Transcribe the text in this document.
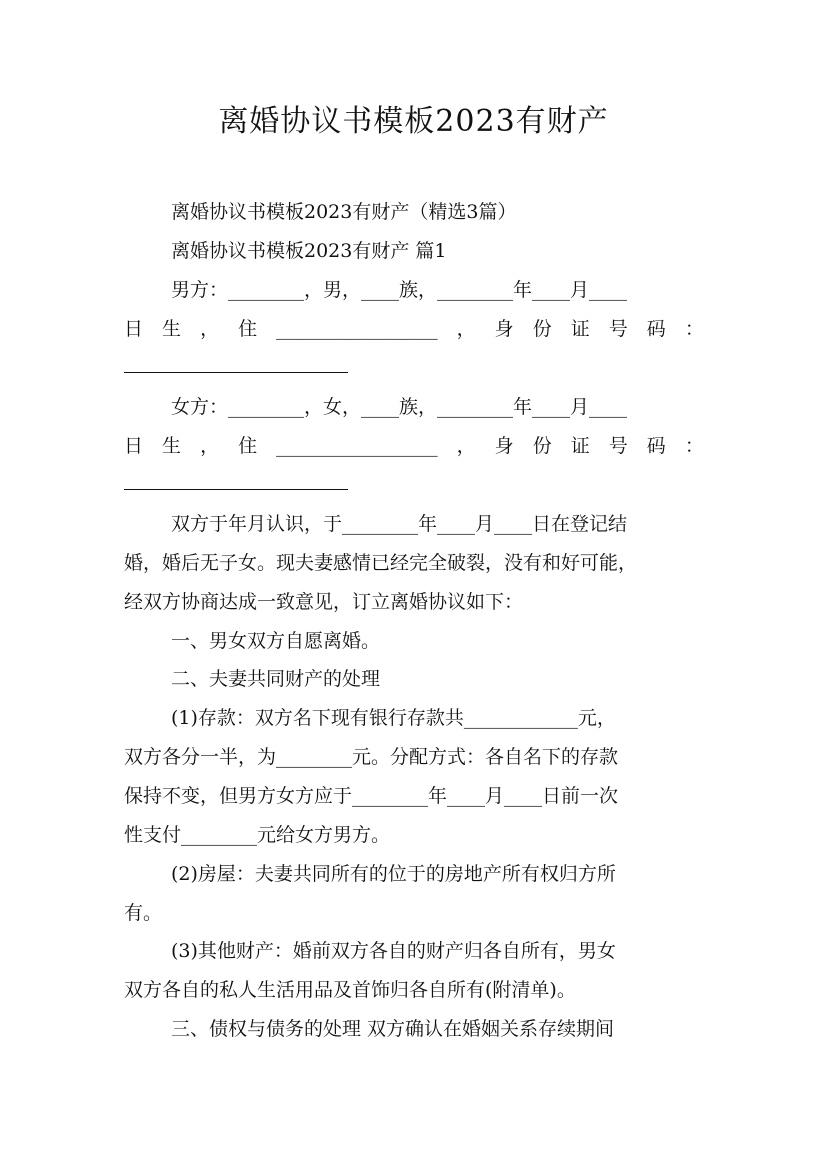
离婚协议书模板2023有财产
离婚协议书模板2023有财产（精选3篇）
离婚协议书模板2023有财产 篇1
男方：________，男，____族，________年____月____
日 生 ， 住 _________________ ， 身 份 证 号 码 ：
女方：________，女，____族，________年____月____
日 生 ， 住 _________________ ， 身 份 证 号 码 ：
双方于年月认识，于________年____月____日在登记结
婚，婚后无子女。现夫妻感情已经完全破裂，没有和好可能，
经双方协商达成一致意见，订立离婚协议如下：
一、男女双方自愿离婚。
二、夫妻共同财产的处理
(1)存款：双方名下现有银行存款共____________元，
双方各分一半，为________元。分配方式：各自名下的存款
保持不变，但男方女方应于________年____月____日前一次
性支付________元给女方男方。
(2)房屋：夫妻共同所有的位于的房地产所有权归方所
有。
(3)其他财产：婚前双方各自的财产归各自所有，男女
双方各自的私人生活用品及首饰归各自所有(附清单)。
三、债权与债务的处理 双方确认在婚姻关系存续期间
